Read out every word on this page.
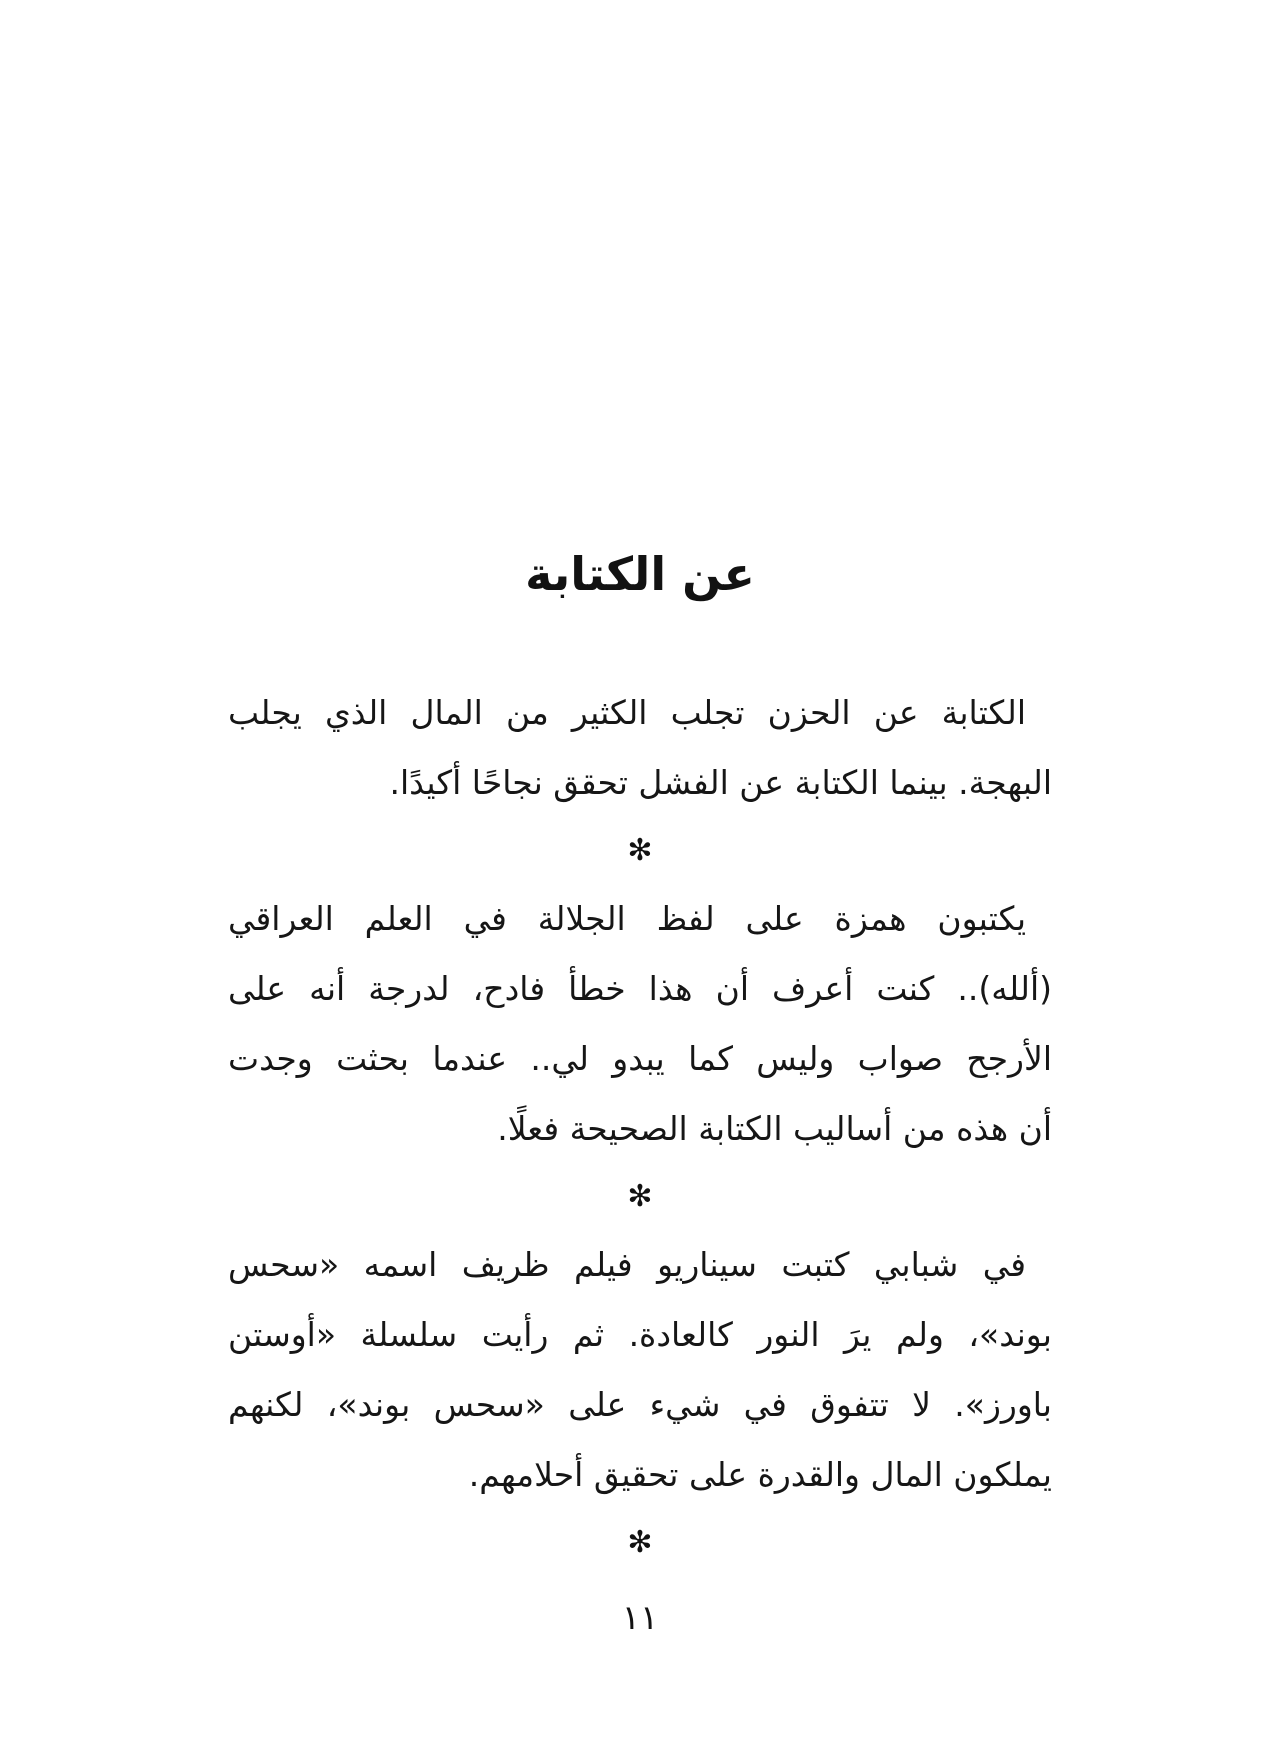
عن الكتابة
الكتابة عن الحزن تجلب الكثير من المال الذي يجلب
البهجة. بينما الكتابة عن الفشل تحقق نجاحًا أكيدًا.
✻
يكتبون همزة على لفظ الجلالة في العلم العراقي
(ألله).. كنت أعرف أن هذا خطأ فادح، لدرجة أنه على
الأرجح صواب وليس كما يبدو لي.. عندما بحثت وجدت
أن هذه من أساليب الكتابة الصحيحة فعلًا.
✻
في شبابي كتبت سيناريو فيلم ظريف اسمه «سحس
بوند»، ولم يرَ النور كالعادة. ثم رأيت سلسلة «أوستن
باورز». لا تتفوق في شيء على «سحس بوند»، لكنهم
يملكون المال والقدرة على تحقيق أحلامهم.
✻
١١
